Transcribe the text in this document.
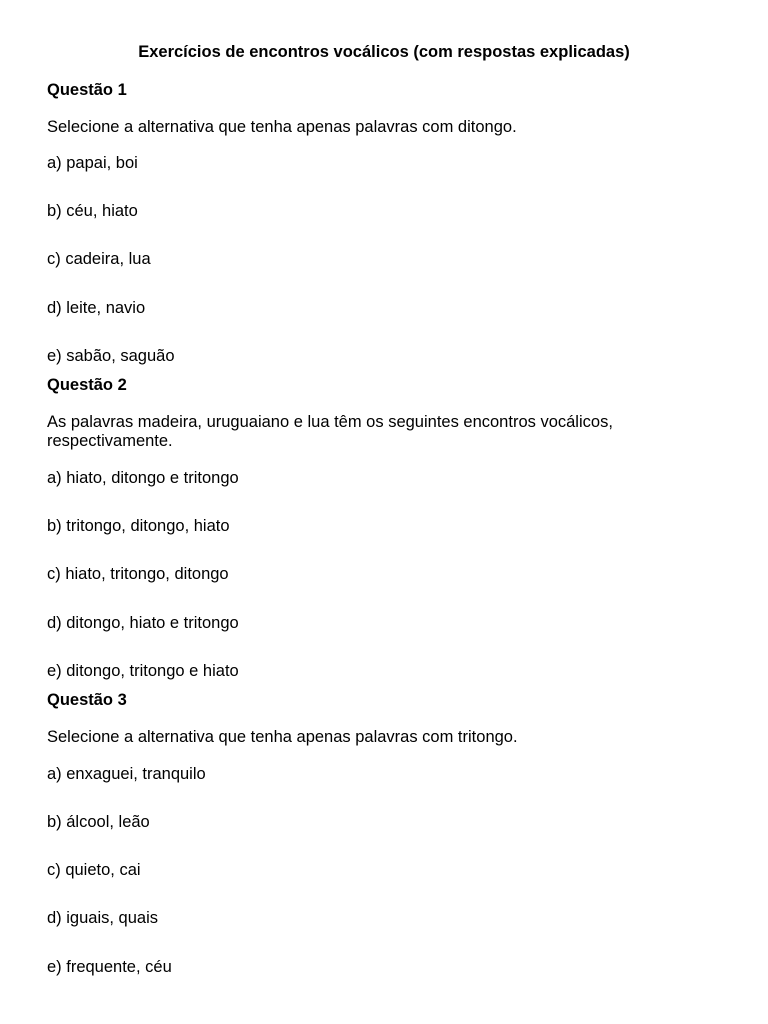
Exercícios de encontros vocálicos (com respostas explicadas)

Questão 1

Selecione a alternativa que tenha apenas palavras com ditongo.

a) papai, boi

b) céu, hiato

c) cadeira, lua

d) leite, navio

e) sabão, saguão

Questão 2

As palavras madeira, uruguaiano e lua têm os seguintes encontros vocálicos,

respectivamente.

a) hiato, ditongo e tritongo

b) tritongo, ditongo, hiato

c) hiato, tritongo, ditongo

d) ditongo, hiato e tritongo

e) ditongo, tritongo e hiato

Questão 3

Selecione a alternativa que tenha apenas palavras com tritongo.

a) enxaguei, tranquilo

b) álcool, leão

c) quieto, cai

d) iguais, quais

e) frequente, céu
